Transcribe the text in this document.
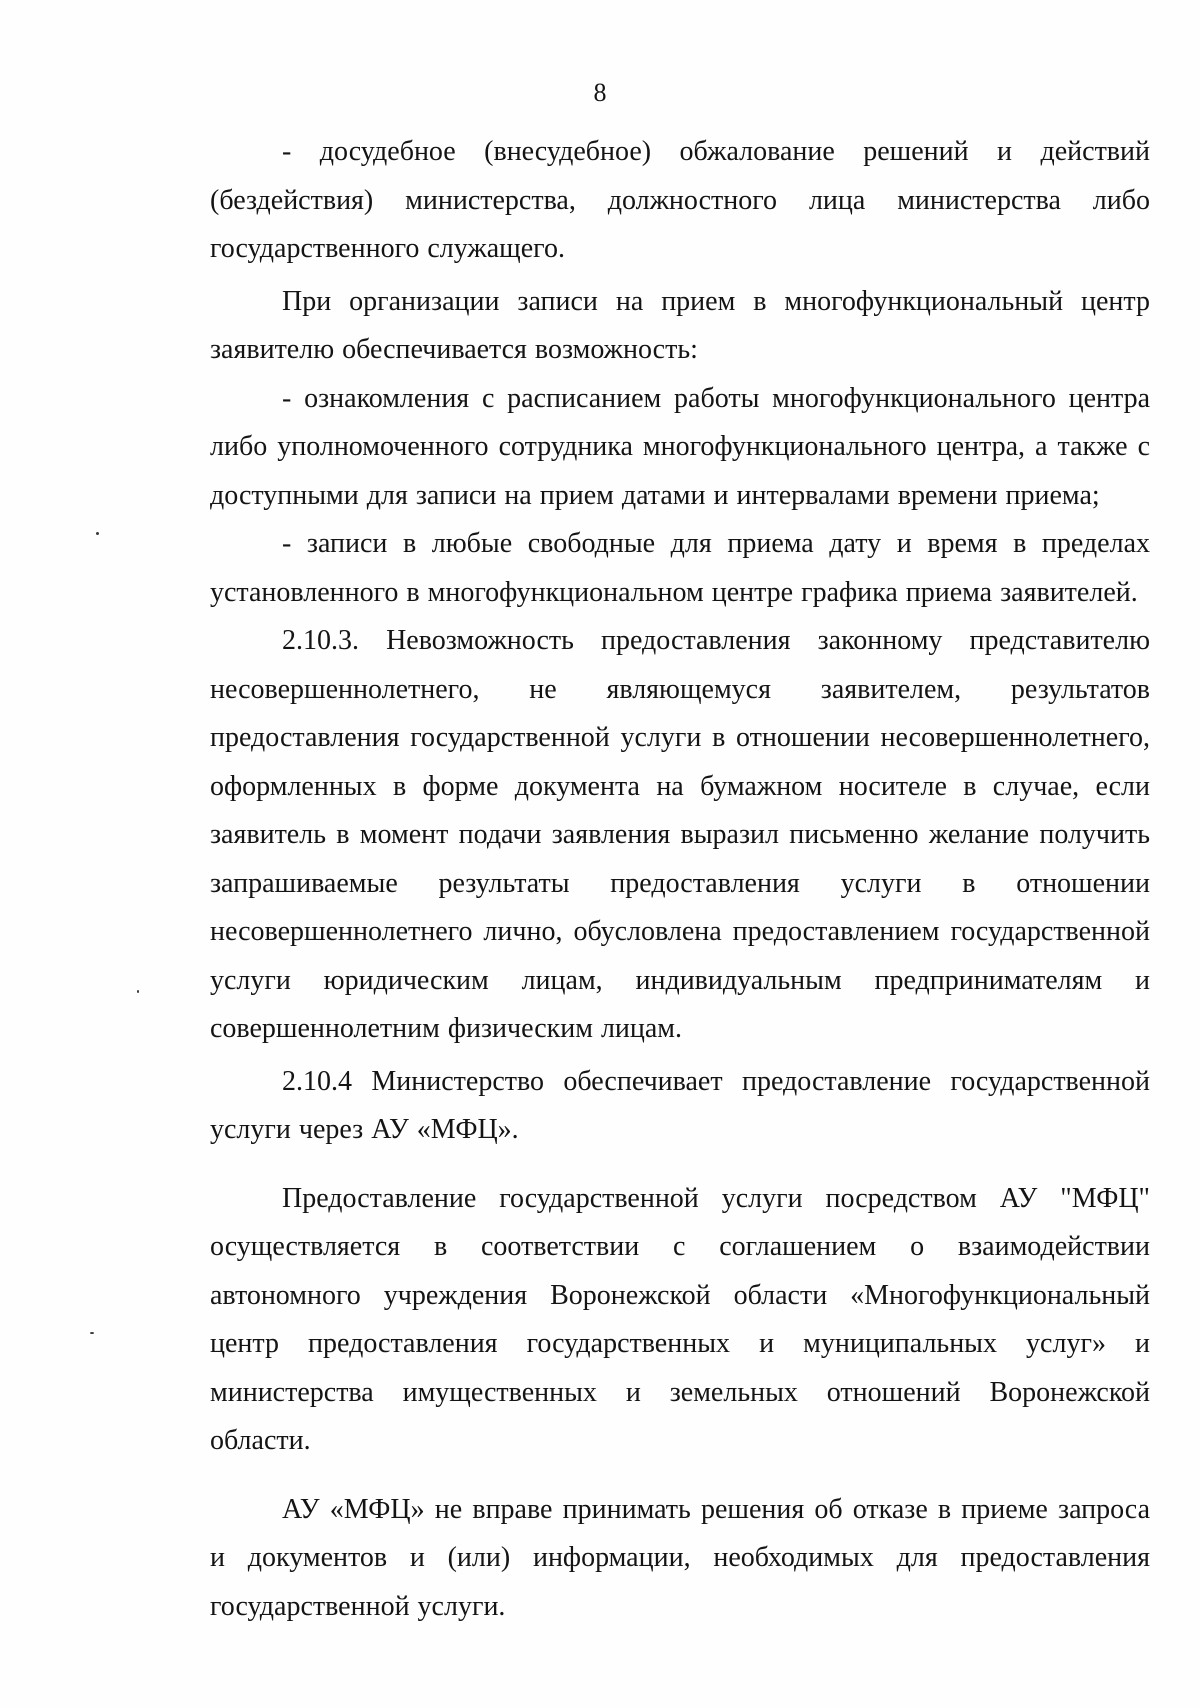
8

- досудебное (внесудебное) обжалование решений и действий (бездействия) министерства, должностного лица министерства либо государственного служащего.

При организации записи на прием в многофункциональный центр заявителю обеспечивается возможность:

- ознакомления с расписанием работы многофункционального центра либо уполномоченного сотрудника многофункционального центра, а также с доступными для записи на прием датами и интервалами времени приема;

- записи в любые свободные для приема дату и время в пределах установленного в многофункциональном центре графика приема заявителей.

2.10.3. Невозможность предоставления законному представителю несовершеннолетнего, не являющемуся заявителем, результатов предоставления государственной услуги в отношении несовершеннолетнего, оформленных в форме документа на бумажном носителе в случае, если заявитель в момент подачи заявления выразил письменно желание получить запрашиваемые результаты предоставления услуги в отношении несовершеннолетнего лично, обусловлена предоставлением государственной услуги юридическим лицам, индивидуальным предпринимателям и совершеннолетним физическим лицам.

2.10.4 Министерство обеспечивает предоставление государственной услуги через АУ «МФЦ».

Предоставление государственной услуги посредством АУ "МФЦ" осуществляется в соответствии с соглашением о взаимодействии автономного учреждения Воронежской области «Многофункциональный центр предоставления государственных и муниципальных услуг» и министерства имущественных и земельных отношений Воронежской области.

АУ «МФЦ» не вправе принимать решения об отказе в приеме запроса и документов и (или) информации, необходимых для предоставления государственной услуги.
